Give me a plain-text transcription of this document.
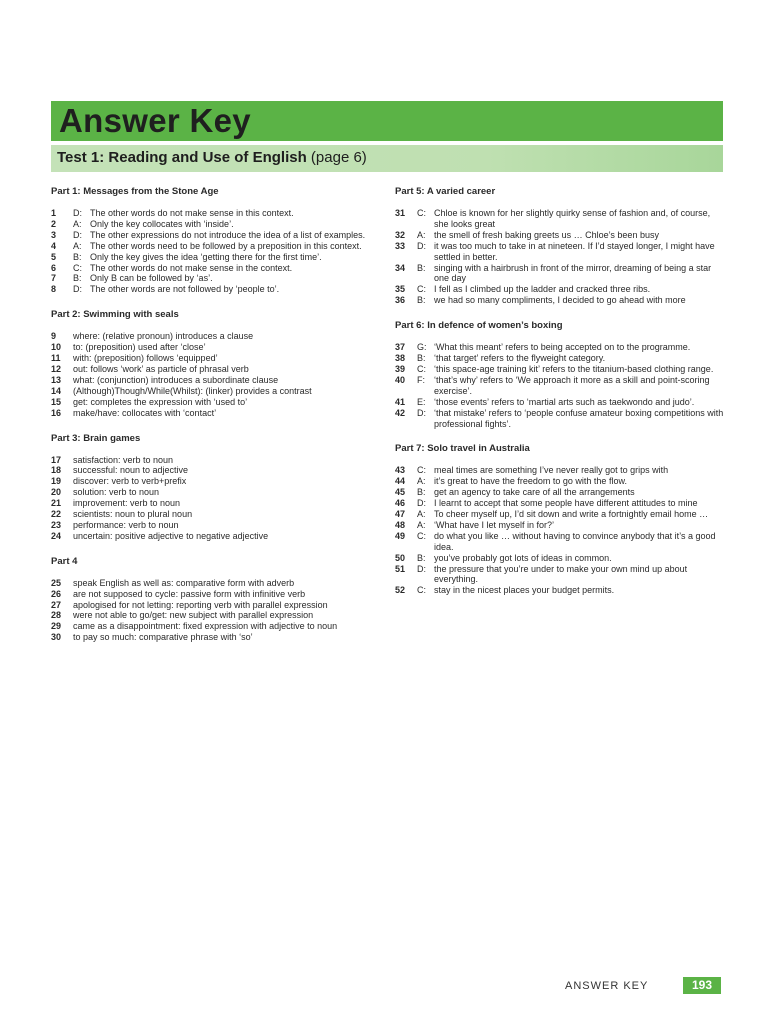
Answer Key
Test 1: Reading and Use of English (page 6)
Part 1: Messages from the Stone Age
1	D: The other words do not make sense in this context.
2	A: Only the key collocates with ‘inside’.
3	D: The other expressions do not introduce the idea of a list of examples.
4	A: The other words need to be followed by a preposition in this context.
5	B: Only the key gives the idea ‘getting there for the first time’.
6	C: The other words do not make sense in the context.
7	B: Only B can be followed by ‘as’.
8	D: The other words are not followed by ‘people to’.
Part 2: Swimming with seals
9	where: (relative pronoun) introduces a clause
10	to: (preposition) used after ‘close’
11	with: (preposition) follows ‘equipped’
12	out: follows ‘work’ as particle of phrasal verb
13	what: (conjunction) introduces a subordinate clause
14	(Although)Though/While(Whilst): (linker) provides a contrast
15	get: completes the expression with ‘used to’
16	make/have: collocates with ‘contact’
Part 3: Brain games
17	satisfaction: verb to noun
18	successful: noun to adjective
19	discover: verb to verb+prefix
20	solution: verb to noun
21	improvement: verb to noun
22	scientists: noun to plural noun
23	performance: verb to noun
24	uncertain: positive adjective to negative adjective
Part 4
25	speak English as well as: comparative form with adverb
26	are not supposed to cycle: passive form with infinitive verb
27	apologised for not letting: reporting verb with parallel expression
28	were not able to go/get: new subject with parallel expression
29	came as a disappointment: fixed expression with adjective to noun
30	to pay so much: comparative phrase with ‘so’
Part 5: A varied career
31	C: Chloe is known for her slightly quirky sense of fashion and, of course, she looks great
32	A: the smell of fresh baking greets us … Chloe’s been busy
33	D: it was too much to take in at nineteen. If I’d stayed longer, I might have settled in better.
34	B: singing with a hairbrush in front of the mirror, dreaming of being a star one day
35	C: I fell as I climbed up the ladder and cracked three ribs.
36	B: we had so many compliments, I decided to go ahead with more
Part 6: In defence of women’s boxing
37	G: ‘What this meant’ refers to being accepted on to the programme.
38	B: ‘that target’ refers to the flyweight category.
39	C: ‘this space-age training kit’ refers to the titanium-based clothing range.
40	F:	‘that’s why’ refers to ‘We approach it more as a skill and point-scoring exercise’.
41	E: ‘those events’ refers to ‘martial arts such as taekwondo and judo’.
42	D: ‘that mistake’ refers to ‘people confuse amateur boxing competitions with professional fights’.
Part 7: Solo travel in Australia
43	C: meal times are something I’ve never really got to grips with
44	A: it’s great to have the freedom to go with the flow.
45	B: get an agency to take care of all the arrangements
46	D: I learnt to accept that some people have different attitudes to mine
47	A: To cheer myself up, I’d sit down and write a fortnightly email home …
48	A: ‘What have I let myself in for?’
49	C: do what you like … without having to convince anybody that it’s a good idea.
50	B: you’ve probably got lots of ideas in common.
51	D: the pressure that you’re under to make your own mind up about everything.
52	C: stay in the nicest places your budget permits.
ANSWER KEY	193
